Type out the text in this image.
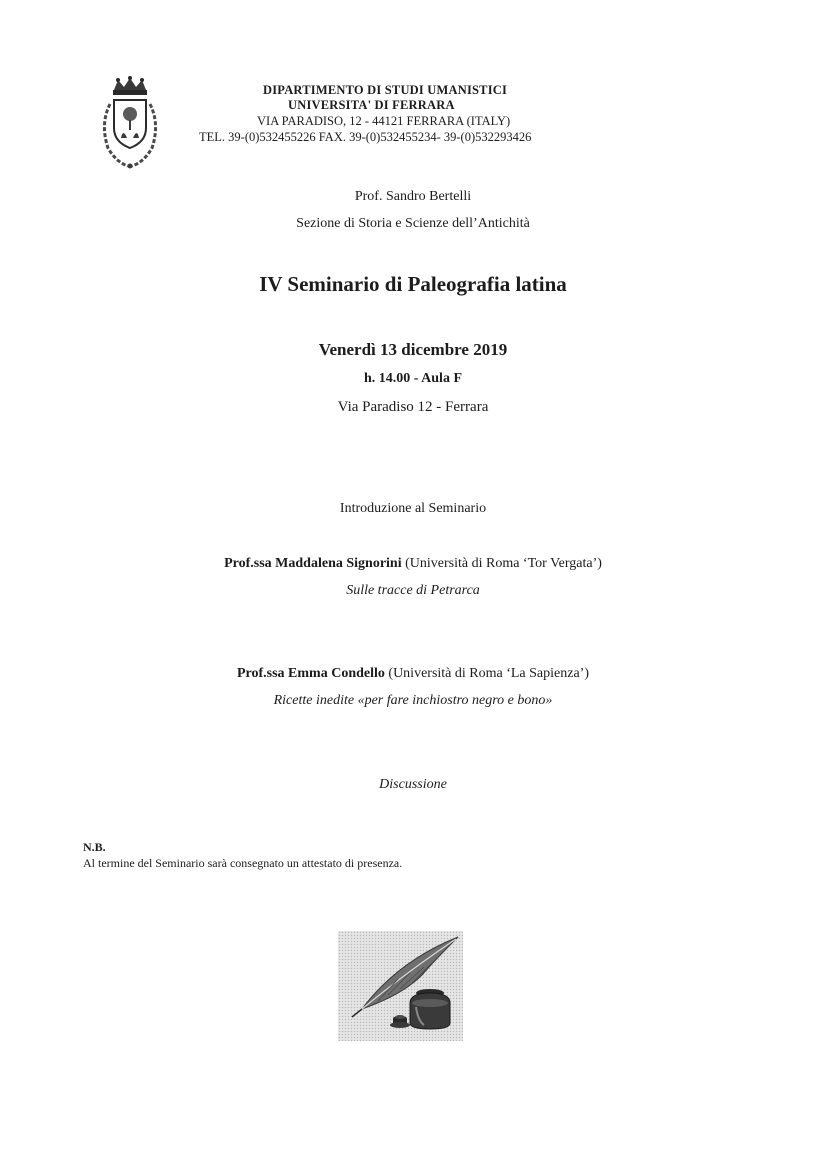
DIPARTIMENTO DI STUDI UMANISTICI
UNIVERSITA' DI FERRARA
VIA PARADISO, 12 - 44121 FERRARA (ITALY)
TEL. 39-(0)532455226 FAX. 39-(0)532455234- 39-(0)532293426
Prof. Sandro Bertelli
Sezione di Storia e Scienze dell’Antichità
IV Seminario di Paleografia latina
Venerdì 13 dicembre 2019
h. 14.00 - Aula F
Via Paradiso 12 - Ferrara
Introduzione al Seminario
Prof.ssa Maddalena Signorini (Università di Roma ‘Tor Vergata’)
Sulle tracce di Petrarca
Prof.ssa Emma Condello (Università di Roma ‘La Sapienza’)
Ricette inedite «per fare inchiostro negro e bono»
Discussione
N.B.
Al termine del Seminario sarà consegnato un attestato di presenza.
